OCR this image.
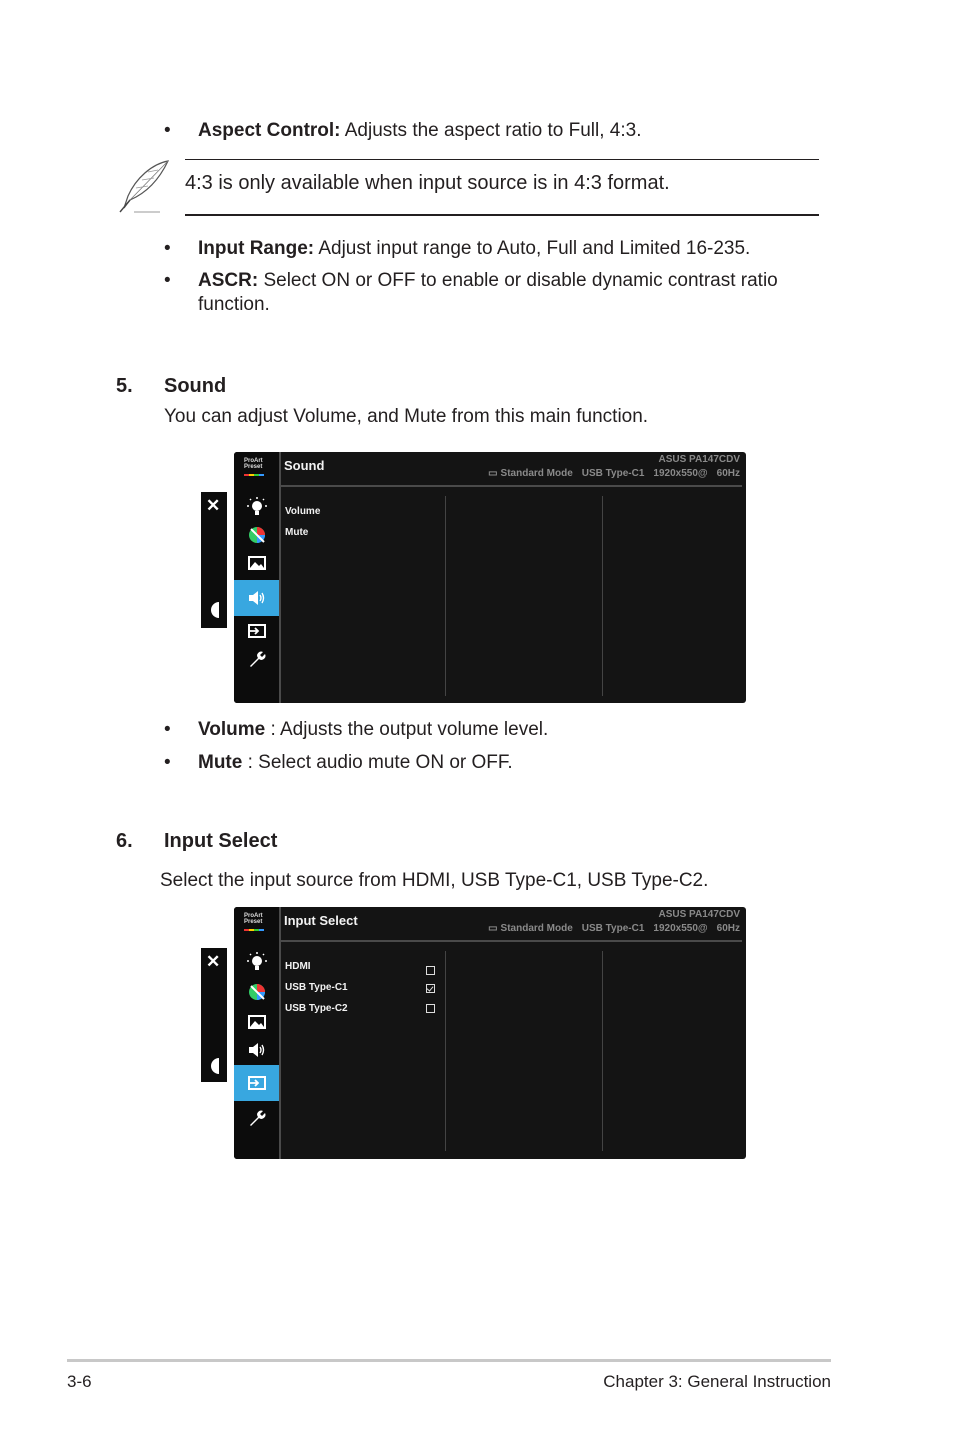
•	Aspect Control: Adjusts the aspect ratio to Full, 4:3.
4:3 is only available when input source is in 4:3 format.
•	Input Range: Adjust input range to Auto, Full and Limited 16-235.
•	ASCR: Select ON or OFF to enable or disable dynamic contrast ratio
function.
5. Sound
You can adjust Volume, and Mute from this main function.
✕
ProArt
Preset Sound	ASUS PA147CDV
▭ Standard Mode USB Type-C1 1920x550@ 60Hz
Volume
Mute
•	Volume : Adjusts the output volume level.
•	Mute : Select audio mute ON or OFF.
6. Input Select
Select the input source from HDMI, USB Type-C1, USB Type-C2.
✕
ProArt
Preset Input Select	ASUS PA147CDV
▭ Standard Mode USB Type-C1 1920x550@ 60Hz
HDMI
USB Type-C1
USB Type-C2
3-6	Chapter 3: General Instruction
